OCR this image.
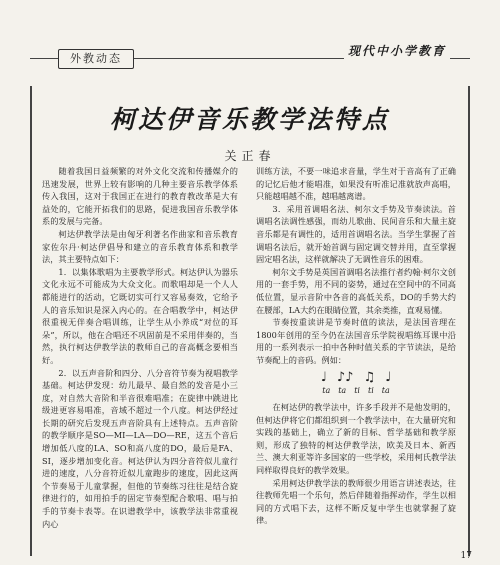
外教动态
现代中小学教育
柯达伊音乐教学法特点
关正春

随着我国日益频繁的对外文化交流和传播媒介的迅速发展，世界上较有影响的几种主要音乐教学体系传入我国，这对于我国正在进行的教育教改革是大有益处的，它能开拓我们的思路，促进我国音乐教学体系的发展与完备。

柯达伊教学法是由匈牙利著名作曲家和音乐教育家佐尔丹·柯达伊倡导和建立的音乐教育体系和教学法，其主要特点如下：

1．以集体歌唱为主要教学形式。柯达伊认为器乐文化永远不可能成为大众文化。而歌唱却是一个人人都能进行的活动，它既切实可行又容易奏效，它给予人的音乐知识是深入内心的。在合唱教学中，柯达伊很重视无伴奏合唱训练，让学生从小养成“对位的耳朵”，所以，他在合唱还不巩固前是不采用伴奏的，当然，执行柯达伊教学法的教师自己的音高概念要相当好。

2．以五声音阶和四分、八分音符节奏为视唱教学基础。柯达伊发现：幼儿最早、最自然的发音是小三度，对自然大音阶和半音很难唱准；在旋律中跳进比级进更容易唱准，音域不超过一个八度。柯达伊经过长期的研究后发现五声音阶具有上述特点。五声音阶的教学顺序是SO—MI—LA—DO—RE，这五个音后增加低八度的LA、SO和高八度的DO，最后是FA、SI，逐步增加变化音。柯达伊认为四分音符似儿童行进的速度，八分音符近似儿童跑步的速度，因此这两个节奏易于儿童掌握，但他的节奏练习往往是结合旋律进行的，如用拍手的固定节奏型配合歌唱、唱与拍手的节奏卡表等。在识谱教学中，该教学法非常重视内心

训练方法，不要一味追求音量，学生对于音高有了正确的记忆后他才能唱准，如果没有听准记准就放声高唱，只能越唱越不准，越唱越离谱。

3．采用首调唱名法、柯尔文手势及节奏读法。首调唱名法调性感强，而幼儿歌曲、民间音乐和大量主旋音乐都是有调性的，适用首调唱名法。当学生掌握了首调唱名法后，就开始首调与固定调交替并用，直至掌握固定唱名法，这样就解决了无调性音乐的困难。

柯尔文手势是英国首调唱名法推行者约翰·柯尔文创用的一套手势，用不同的姿势，通过在空间中的不同高低位置，显示音阶中各音的高低关系，DO的手势大约在腰部，LA大约在眼睛位置，其余类推，直观易懂。

节奏按重读讲是节奏时值的读法，是法国音理在1800年创用的至今仍在法国音乐学院视唱练耳课中沿用的一系列表示一拍中各种时值关系的字节读法，是给节奏配上的音码。例如：

♩ ♪♪ ♫ ♩
ta ta ti ti ta

在柯达伊的教学法中，许多手段并不是他发明的，但柯达伊将它们都组织到一个教学法中，在大量研究和实践的基础上，确立了新的目标、哲学基础和教学原则，形成了独特的柯达伊教学法，欧美及日本、新西兰、澳大利亚等许多国家的一些学校，采用柯氏教学法同样取得良好的教学效果。

采用柯达伊教学法的教师很少用语言讲述表达，往往教师先唱一个乐句，然后伴随着指挥动作，学生以相同的方式唱下去，这样不断反复中学生也就掌握了旋律。

17
